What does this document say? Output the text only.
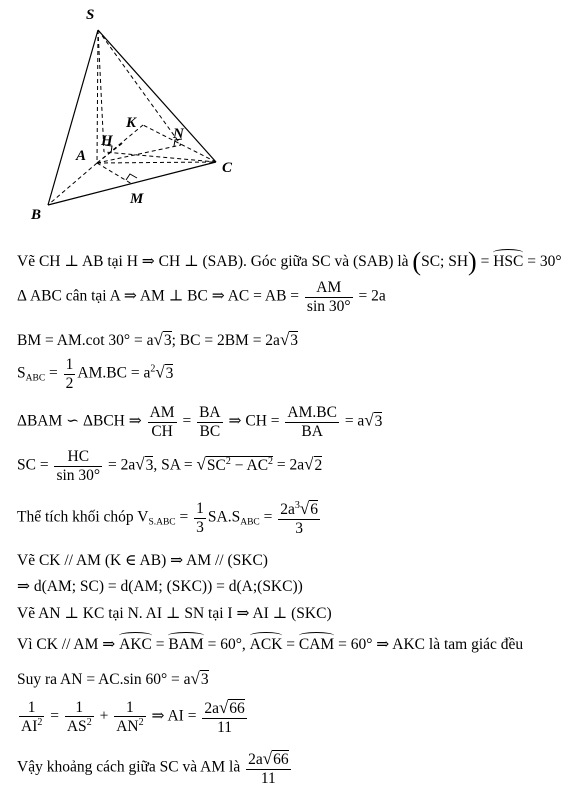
S
A
B
C
H
K
N
M
Vẽ CH ⊥ AB tại H ⇒ CH ⊥ (SAB). Góc giữa SC và (SAB) là (SC; SH) = HSC = 30°
Δ ABC cân tại A ⇒ AM ⊥ BC ⇒ AC = AB = $\frac{AM}{\sin 30^\circ} = 2a$
BM = AM.cot 30° = a√3; BC = 2BM = 2a√3
$S_{ABC} = \frac{1}{2} AM.BC = a^2√3$
ΔBAM ∽ ΔBCH ⇒ $\frac{AM}{CH} = \frac{BA}{BC}$ ⇒ CH = $\frac{AM.BC}{BA} = a√3$
SC = $\frac{HC}{\sin 30^\circ} = 2a√3$, SA = $√SC^2 - AC^2 = 2a√2$
Thể tích khối chóp $V_{S.ABC} = \frac{1}{3} SA.S_{ABC} = \frac{2a^3√6}{3}$
Vẽ CK // AM (K ∈ AB) ⇒ AM // (SKC)
⇒ d(AM; SC) = d(AM; (SKC)) = d(A;(SKC))
Vẽ AN ⊥ KC tại N. AI ⊥ SN tại I ⇒ AI ⊥ (SKC)
Vì CK // AM ⇒ AKC = BAM = 60°, ACK = CAM = 60° ⇒ AKC là tam giác đều
Suy ra AN = AC.sin 60° = a√3
$\frac{1}{AI^2} = \frac{1}{AS^2} + \frac{1}{AN^2}$ ⇒ AI = $\frac{2a√66}{11}$
Vậy khoảng cách giữa SC và AM là $\frac{2a√66}{11}$
